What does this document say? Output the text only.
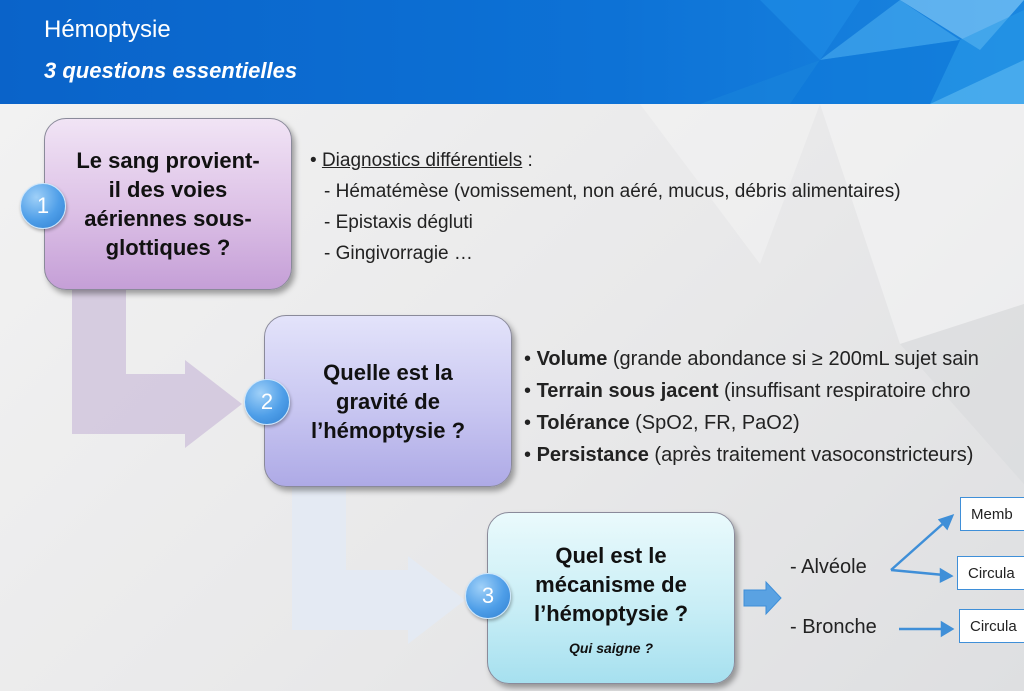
Hémoptysie
3 questions essentielles
Le sang provient-
il des voies
aériennes sous-
glottiques ?
1
Quelle est la
gravité de
l’hémoptysie ?
2
Quel est le
mécanisme de
l’hémoptysie ?
Qui saigne ?
3
• Diagnostics différentiels :
- Hématémèse (vomissement, non aéré, mucus, débris alimentaires)
- Epistaxis dégluti
- Gingivorragie …
• Volume (grande abondance si ≥ 200mL sujet sain
• Terrain sous jacent (insuffisant respiratoire chro
• Tolérance (SpO2, FR, PaO2)
• Persistance (après traitement vasoconstricteurs)
- Alvéole
- Bronche
Memb
Circula
Circula
